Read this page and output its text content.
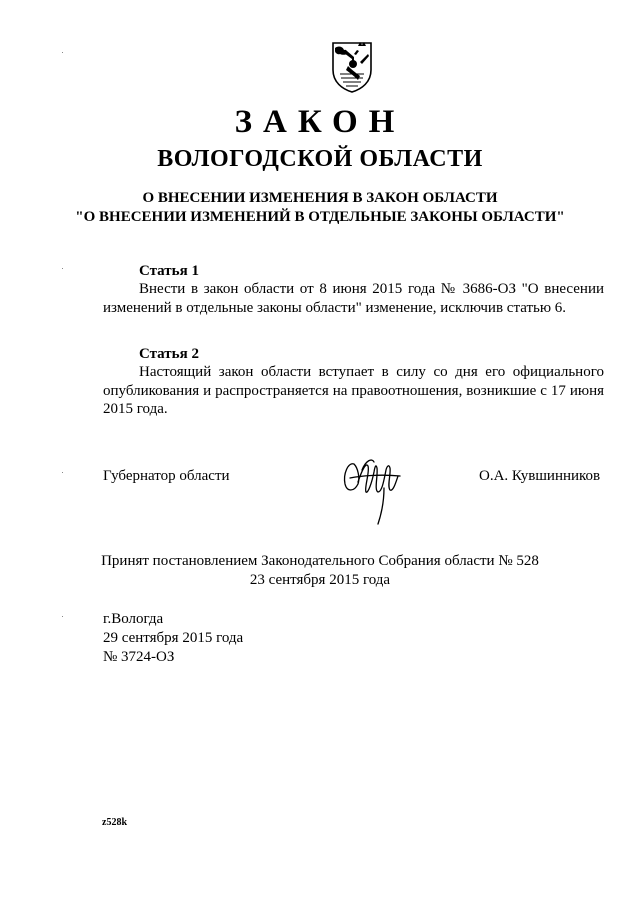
ЗАКОН
ВОЛОГОДСКОЙ ОБЛАСТИ
О ВНЕСЕНИИ ИЗМЕНЕНИЯ В ЗАКОН ОБЛАСТИ
"О ВНЕСЕНИИ ИЗМЕНЕНИЙ В ОТДЕЛЬНЫЕ ЗАКОНЫ ОБЛАСТИ"
Статья 1
Внести в закон области от 8 июня 2015 года № 3686-ОЗ "О внесении изменений в отдельные законы области" изменение, исключив статью 6.
Статья 2
Настоящий закон области вступает в силу со дня его официального опубликования и распространяется на правоотношения, возникшие с 17 июня 2015 года.
Губернатор области	О.А. Кувшинников
Принят постановлением Законодательного Собрания области № 528
23 сентября 2015 года
г.Вологда
29 сентября 2015 года
№ 3724-ОЗ
z528k
